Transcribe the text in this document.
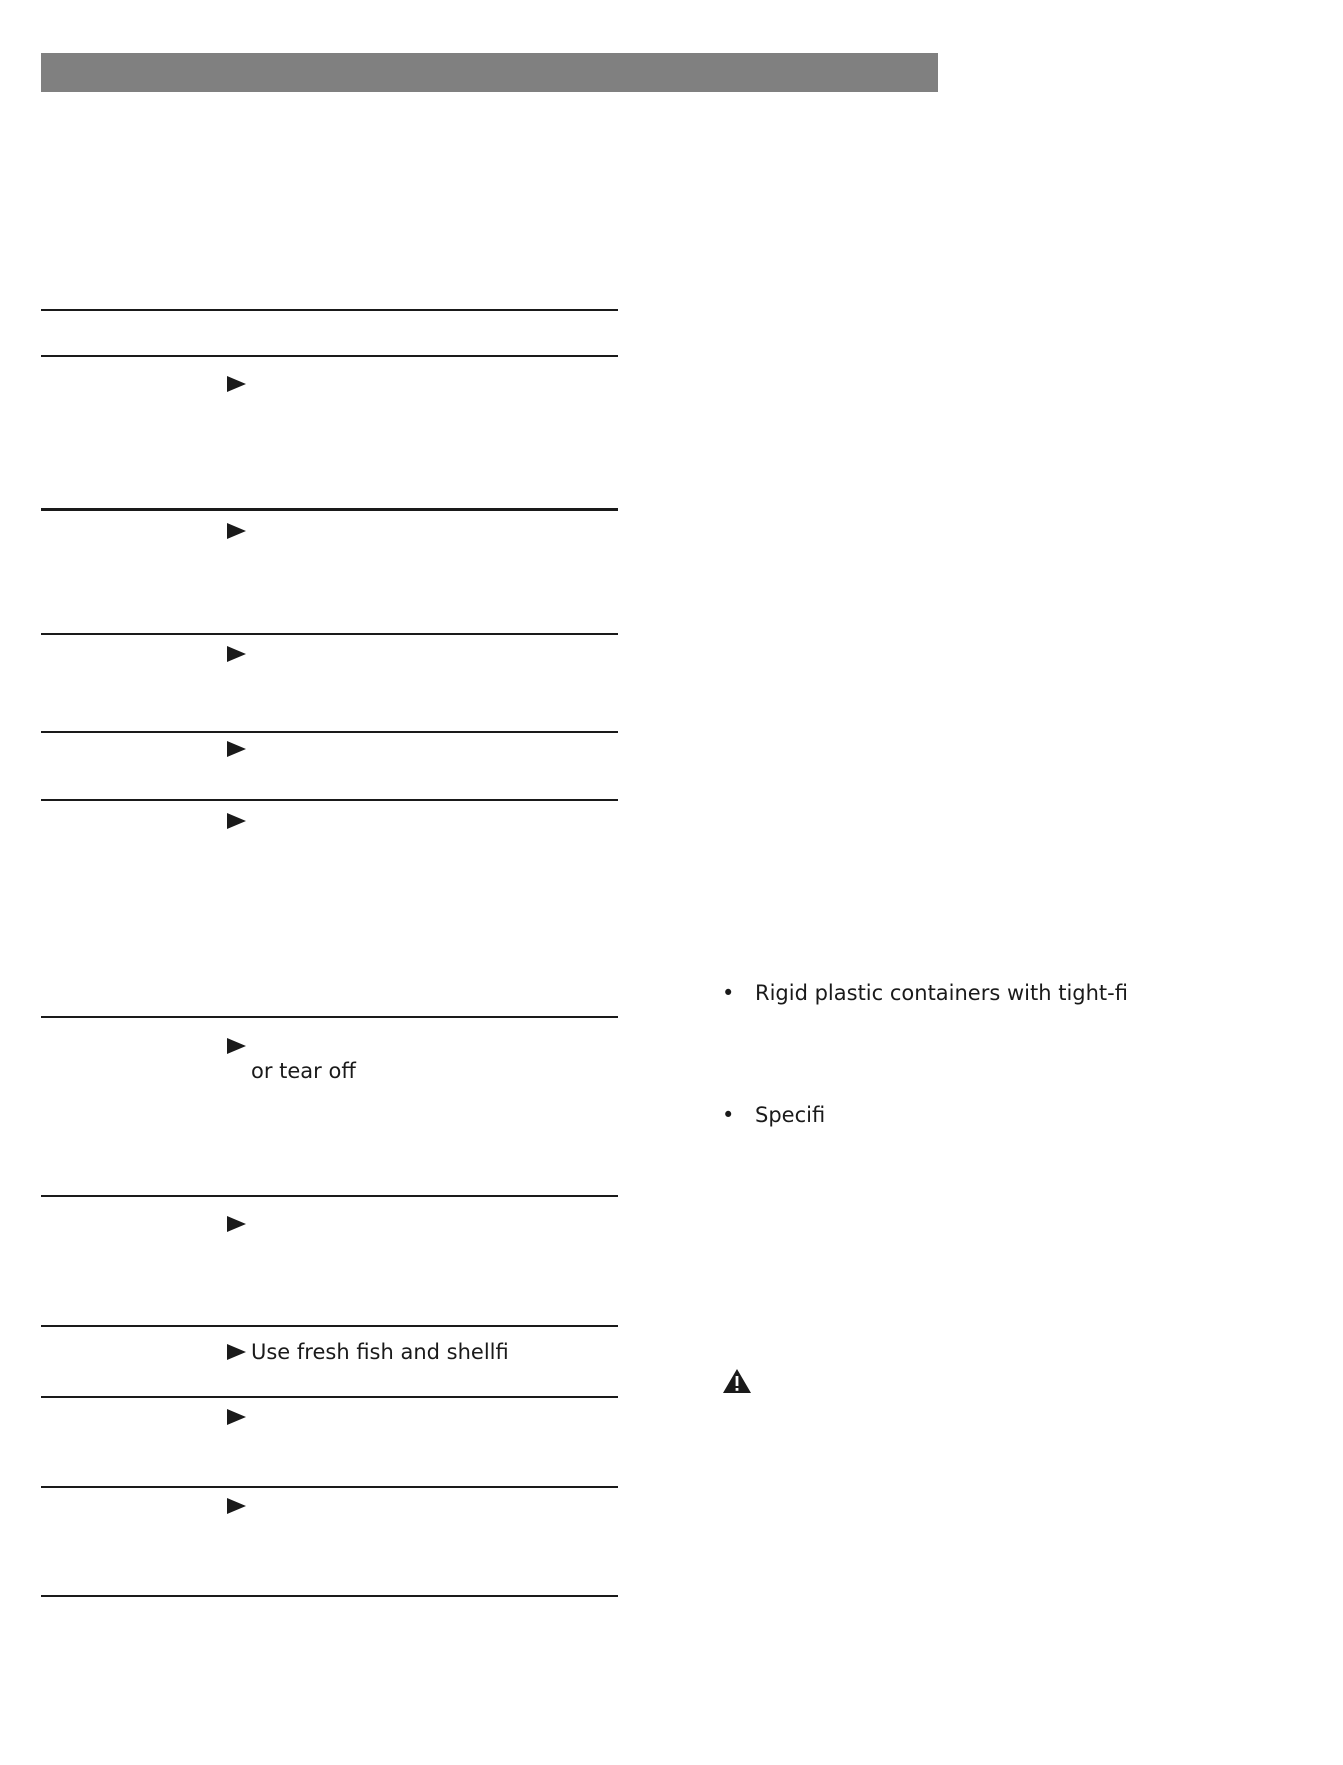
or tear off
Use fresh fish and shellfi
• Rigid plastic containers with tight-fi
• Specifi
